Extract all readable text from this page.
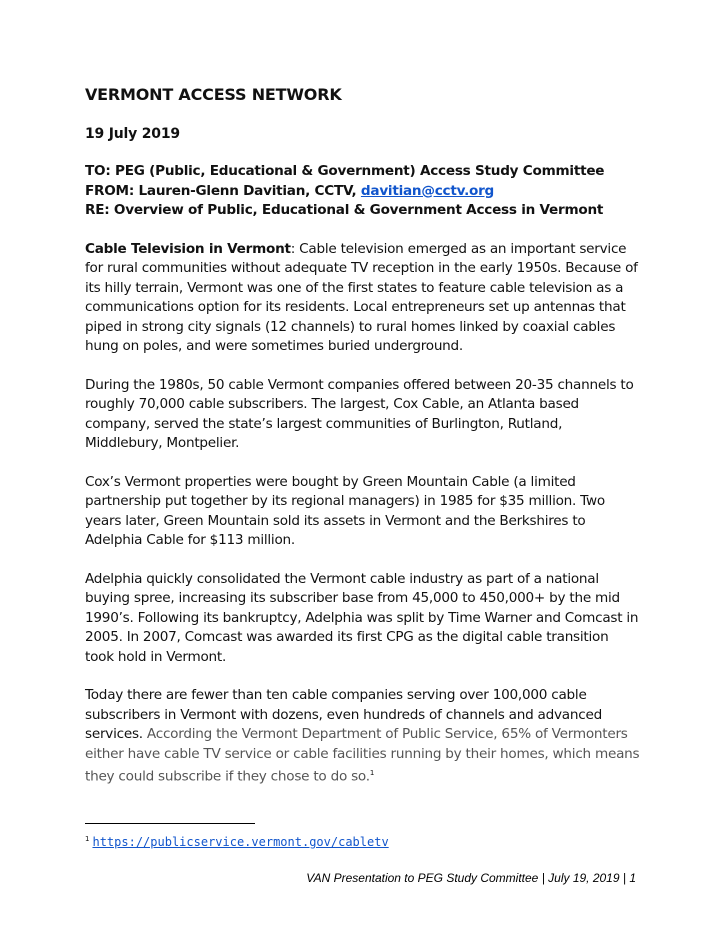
VERMONT ACCESS NETWORK
19 July 2019
TO: PEG (Public, Educational & Government) Access Study Committee
FROM: Lauren-Glenn Davitian, CCTV, davitian@cctv.org
RE: Overview of Public, Educational & Government Access in Vermont

Cable Television in Vermont: Cable television emerged as an important service for rural communities without adequate TV reception in the early 1950s. Because of its hilly terrain, Vermont was one of the first states to feature cable television as a communications option for its residents. Local entrepreneurs set up antennas that piped in strong city signals (12 channels) to rural homes linked by coaxial cables hung on poles, and were sometimes buried underground.

During the 1980s, 50 cable Vermont companies offered between 20-35 channels to roughly 70,000 cable subscribers. The largest, Cox Cable, an Atlanta based company, served the state’s largest communities of Burlington, Rutland, Middlebury, Montpelier.

Cox’s Vermont properties were bought by Green Mountain Cable (a limited partnership put together by its regional managers) in 1985 for $35 million. Two years later, Green Mountain sold its assets in Vermont and the Berkshires to Adelphia Cable for $113 million.

Adelphia quickly consolidated the Vermont cable industry as part of a national buying spree, increasing its subscriber base from 45,000 to 450,000+ by the mid 1990’s. Following its bankruptcy, Adelphia was split by Time Warner and Comcast in 2005. In 2007, Comcast was awarded its first CPG as the digital cable transition took hold in Vermont.

Today there are fewer than ten cable companies serving over 100,000 cable subscribers in Vermont with dozens, even hundreds of channels and advanced services. According the Vermont Department of Public Service, 65% of Vermonters either have cable TV service or cable facilities running by their homes, which means they could subscribe if they chose to do so.$^1$

$^1$ https://publicservice.vermont.gov/cabletv
VAN Presentation to PEG Study Committee | July 19, 2019 | 1
